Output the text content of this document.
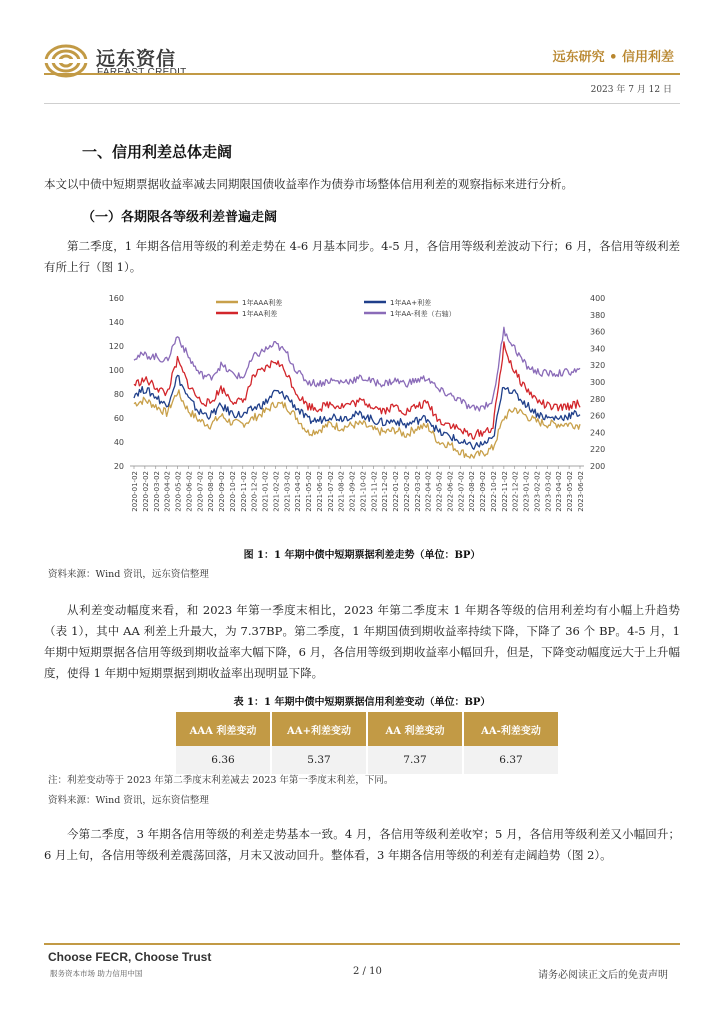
远东资信	远东研究 • 信用利差
2023 年 7 月 12 日
一、信用利差总体走阔
本文以中债中短期票据收益率减去同期限国债收益率作为债券市场整体信用利差的观察指标来进行分析。
（一）各期限各等级利差普遍走阔
第二季度，1 年期各信用等级的利差走势在 4-6 月基本同步。4-5 月，各信用等级利差波动下行；6 月，各信用等级利差有所上行（图 1）。
20
40
60
80
100
120
140
160
200
220
240
260
280
300
320
340
360
380
400
2020-01-02 2020-02-02 2020-03-02 2020-04-02 2020-05-02 2020-06-02 2020-07-02 2020-08-02 2020-09-02 2020-10-02 2020-11-02 2020-12-02 2021-01-02 2021-02-02 2021-03-02 2021-04-02 2021-05-02 2021-06-02 2021-07-02 2021-08-02 2021-09-02 2021-10-02 2021-11-02 2021-12-02 2022-01-02 2022-02-02 2022-03-02 2022-04-02 2022-05-02 2022-06-02 2022-07-02 2022-08-02 2022-09-02 2022-10-02 2022-11-02 2022-12-02 2023-01-02 2023-02-02 2023-03-02 2023-04-02 2023-05-02 2023-06-02
1年AAA利差	1年AA+利差
1年AA利差	1年AA-利差（右轴）
图 1：1 年期中债中短期票据利差走势（单位：BP）
资料来源：Wind 资讯，远东资信整理
从利差变动幅度来看，和 2023 年第一季度末相比，2023 年第二季度末 1 年期各等级的信用利差均有小幅上升趋势（表 1），其中 AA 利差上升最大，为 7.37BP。第二季度，1 年期国债到期收益率持续下降，下降了 36 个 BP。4-5 月，1 年期中短期票据各信用等级到期收益率大幅下降，6 月，各信用等级到期收益率小幅回升，但是，下降变动幅度远大于上升幅度，使得 1 年期中短期票据到期收益率出现明显下降。
表 1：1 年期中债中短期票据信用利差变动（单位：BP）
AAA 利差变动	AA+利差变动	AA 利差变动	AA-利差变动
6.36	5.37	7.37	6.37
注：利差变动等于 2023 年第二季度末利差减去 2023 年第一季度末利差，下同。
资料来源：Wind 资讯，远东资信整理
今第二季度，3 年期各信用等级的利差走势基本一致。4 月，各信用等级利差收窄；5 月，各信用等级利差又小幅回升；6 月上旬，各信用等级利差震荡回落，月末又波动回升。整体看，3 年期各信用等级的利差有走阔趋势（图 2）。
Choose FECR, Choose Trust
服务资本市场 助力信用中国	2 / 10	请务必阅读正文后的免责声明
